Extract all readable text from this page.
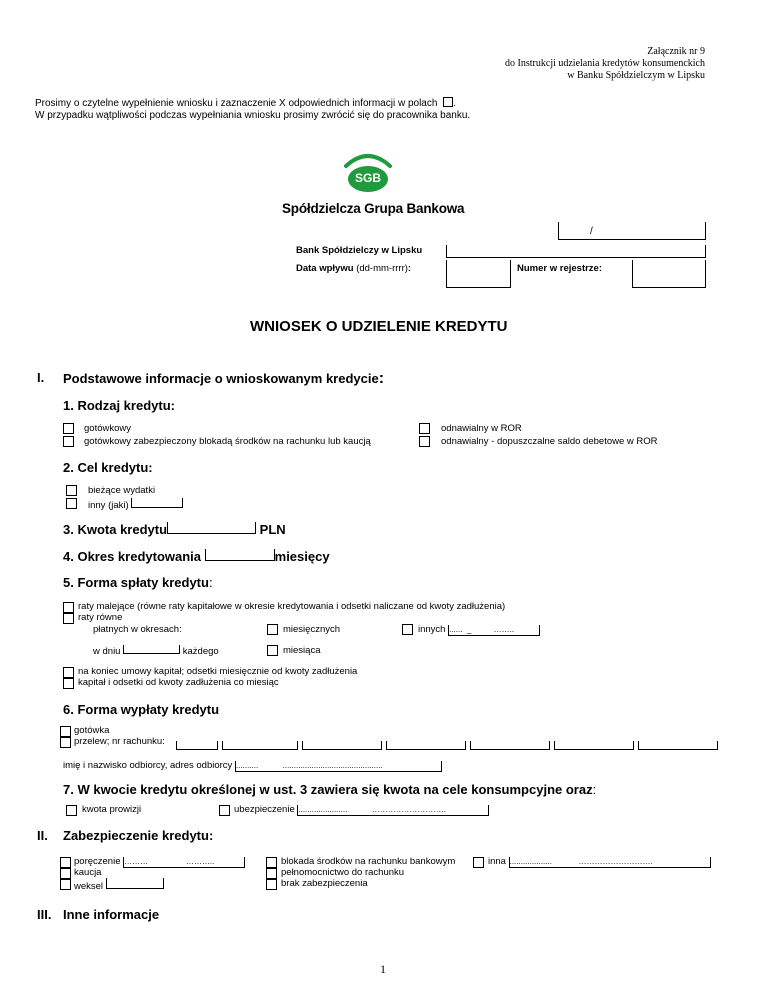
Załącznik nr 9
do Instrukcji udzielania kredytów konsumenckich
w Banku Spółdzielczym w Lipsku
Prosimy o czytelne wypełnienie wniosku i zaznaczenie X odpowiednich informacji w polach .
W przypadku wątpliwości podczas wypełniania wniosku prosimy zwrócić się do pracownika banku.
SGB
Spółdzielcza Grupa Bankowa
/
Bank Spółdzielczy w Lipsku
Data wpływu (dd-mm-rrrr):	Numer w rejestrze:
WNIOSEK O UDZIELENIE KREDYTU
I. Podstawowe informacje o wnioskowanym kredycie:
1. Rodzaj kredytu:
gotówkowy
gotówkowy zabezpieczony blokadą środków na rachunku lub kaucją
odnawialny w ROR
odnawialny - dopuszczalne saldo debetowe w ROR
2. Cel kredytu:
bieżące wydatki
inny (jaki)
3. Kwota kredytu	PLN
4. Okres kredytowania	miesięcy
5. Forma spłaty kredytu:
raty malejące (równe raty kapitałowe w okresie kredytowania i odsetki naliczane od kwoty zadłużenia)
raty równe
płatnych w okresach:	miesięcznych	innych ......  _          ……..
w dniu	każdego	miesiąca
na koniec umowy kapitał; odsetki miesięcznie od kwoty zadłużenia
kapitał i odsetki od kwoty zadłużenia co miesiąc
6. Forma wypłaty kredytu
gotówka
przelew; nr rachunku:
imię i nazwisko odbiorcy, adres odbiorcy ..........           .............................................
7. W kwocie kredytu określonej w ust. 3 zawiera się kwota na cele konsumpcyjne oraz:
kwota prowizji	ubezpieczenie ......................           ……………………….
II. Zabezpieczenie kredytu:
poręczenie ………                 ………..
kaucja
weksel
blokada środków na rachunku bankowym	inna ...................            ……………………….
pełnomocnictwo do rachunku
brak zabezpieczenia
III. Inne informacje
1
